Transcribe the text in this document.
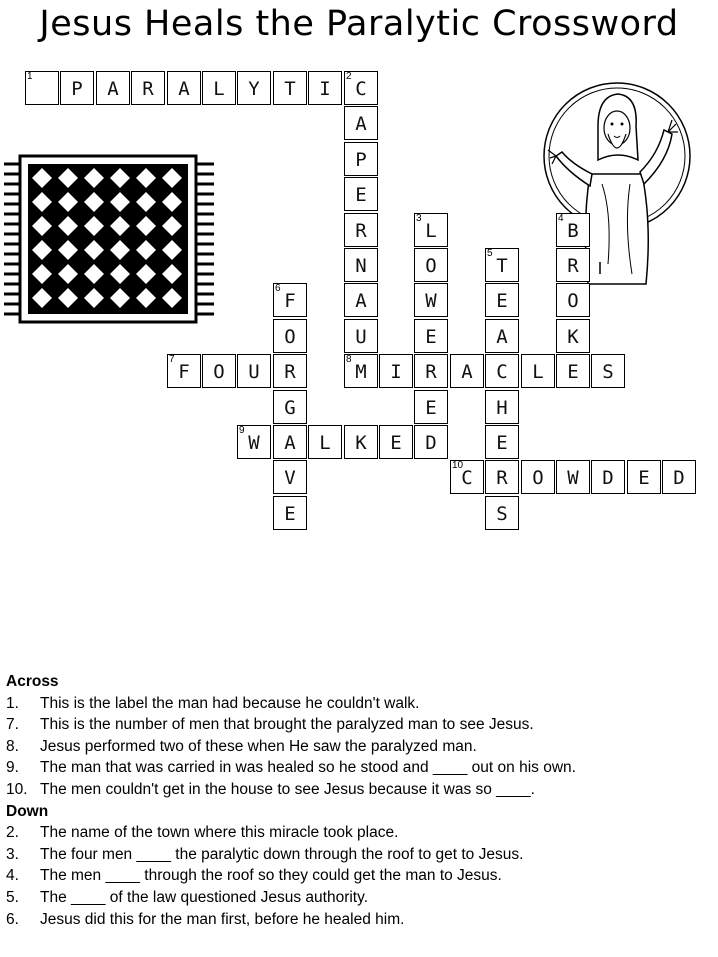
Jesus Heals the Paralytic Crossword
1
P	A	R	A	L	Y	T	I	C
2
A
P
E
R
N
A
U
M
8
I	R	A	C	L	E	S
L
3
O
W
E
E
D
B
4
R
O
K
T
5
E
A
H
E
R
S
F
6
O
R
G
A
V
E
F
7
O	U
W
9
L	K	E
C
10
O	W	D	E	D
Across
1. This is the label the man had because he couldn't walk.
7. This is the number of men that brought the paralyzed man to see Jesus.
8. Jesus performed two of these when He saw the paralyzed man.
9. The man that was carried in was healed so he stood and ____ out on his own.
10. The men couldn't get in the house to see Jesus because it was so ____.
Down
2. The name of the town where this miracle took place.
3. The four men ____ the paralytic down through the roof to get to Jesus.
4. The men ____ through the roof so they could get the man to Jesus.
5. The ____ of the law questioned Jesus authority.
6. Jesus did this for the man first, before he healed him.
